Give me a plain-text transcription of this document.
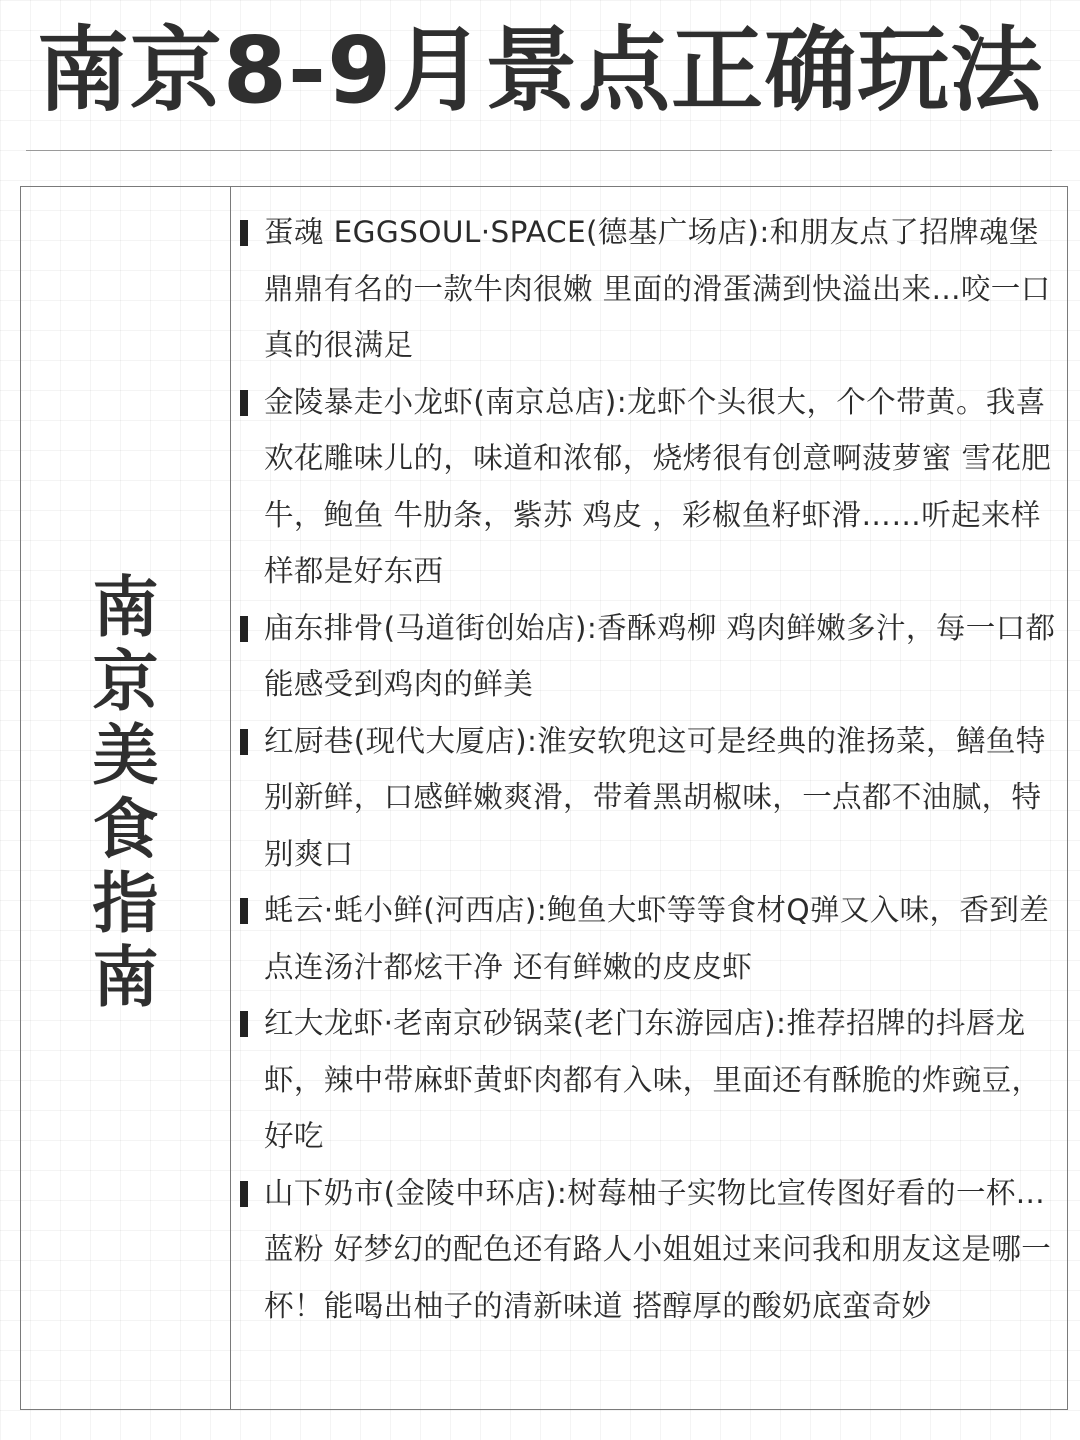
南京8-9月景点正确玩法
南京美食指南
蛋魂 EGGSOUL·SPACE(德基广场店):和朋友点了招牌魂堡 鼎鼎有名的一款牛肉很嫩 里面的滑蛋满到快溢出来...咬一口真的很满足
金陵暴走小龙虾(南京总店):龙虾个头很大，个个带黄。我喜欢花雕味儿的，味道和浓郁，烧烤很有创意啊菠萝蜜 雪花肥牛，鲍鱼 牛肋条，紫苏 鸡皮 ，彩椒鱼籽虾滑……听起来样样都是好东西
庙东排骨(马道街创始店):香酥鸡柳 鸡肉鲜嫩多汁，每一口都能感受到鸡肉的鲜美
红厨巷(现代大厦店):淮安软兜这可是经典的淮扬菜，鳝鱼特别新鲜，口感鲜嫩爽滑，带着黑胡椒味，一点都不油腻，特别爽口
蚝云·蚝小鲜(河西店):鲍鱼大虾等等食材Q弹又入味，香到差点连汤汁都炫干净 还有鲜嫩的皮皮虾
红大龙虾·老南京砂锅菜(老门东游园店):推荐招牌的抖唇龙虾，辣中带麻虾黄虾肉都有入味，里面还有酥脆的炸豌豆，好吃
山下奶市(金陵中环店):树莓柚子实物比宣传图好看的一杯...蓝粉 好梦幻的配色还有路人小姐姐过来问我和朋友这是哪一杯！能喝出柚子的清新味道 搭醇厚的酸奶底蛮奇妙
